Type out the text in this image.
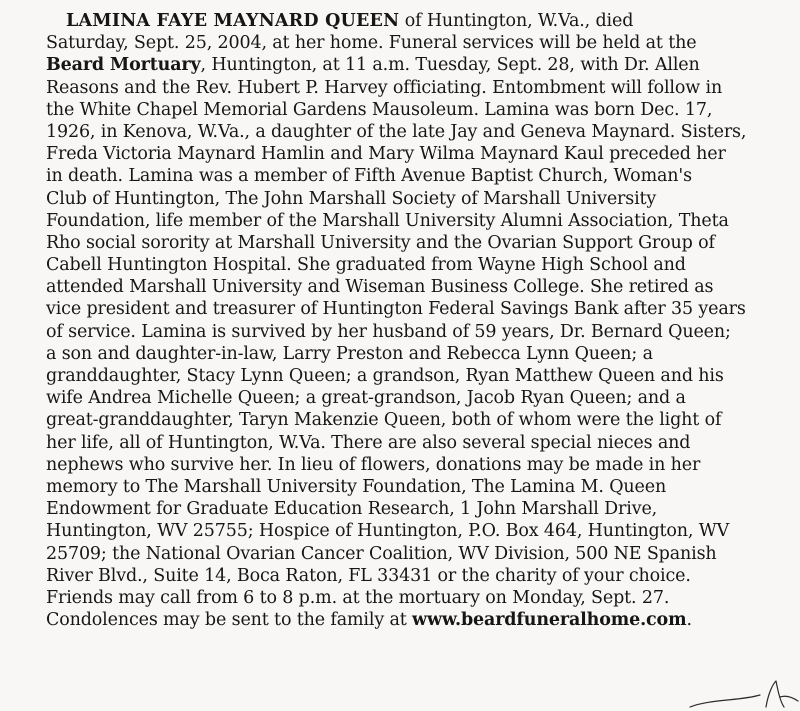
LAMINA FAYE MAYNARD QUEEN of Huntington, W.Va., died
Saturday, Sept. 25, 2004, at her home. Funeral services will be held at the
Beard Mortuary, Huntington, at 11 a.m. Tuesday, Sept. 28, with Dr. Allen
Reasons and the Rev. Hubert P. Harvey officiating. Entombment will follow in
the White Chapel Memorial Gardens Mausoleum. Lamina was born Dec. 17,
1926, in Kenova, W.Va., a daughter of the late Jay and Geneva Maynard. Sisters,
Freda Victoria Maynard Hamlin and Mary Wilma Maynard Kaul preceded her
in death. Lamina was a member of Fifth Avenue Baptist Church, Woman's
Club of Huntington, The John Marshall Society of Marshall University
Foundation, life member of the Marshall University Alumni Association, Theta
Rho social sorority at Marshall University and the Ovarian Support Group of
Cabell Huntington Hospital. She graduated from Wayne High School and
attended Marshall University and Wiseman Business College. She retired as
vice president and treasurer of Huntington Federal Savings Bank after 35 years
of service. Lamina is survived by her husband of 59 years, Dr. Bernard Queen;
a son and daughter-in-law, Larry Preston and Rebecca Lynn Queen; a
granddaughter, Stacy Lynn Queen; a grandson, Ryan Matthew Queen and his
wife Andrea Michelle Queen; a great-grandson, Jacob Ryan Queen; and a
great-granddaughter, Taryn Makenzie Queen, both of whom were the light of
her life, all of Huntington, W.Va. There are also several special nieces and
nephews who survive her. In lieu of flowers, donations may be made in her
memory to The Marshall University Foundation, The Lamina M. Queen
Endowment for Graduate Education Research, 1 John Marshall Drive,
Huntington, WV 25755; Hospice of Huntington, P.O. Box 464, Huntington, WV
25709; the National Ovarian Cancer Coalition, WV Division, 500 NE Spanish
River Blvd., Suite 14, Boca Raton, FL 33431 or the charity of your choice.
Friends may call from 6 to 8 p.m. at the mortuary on Monday, Sept. 27.
Condolences may be sent to the family at www.beardfuneralhome.com.
